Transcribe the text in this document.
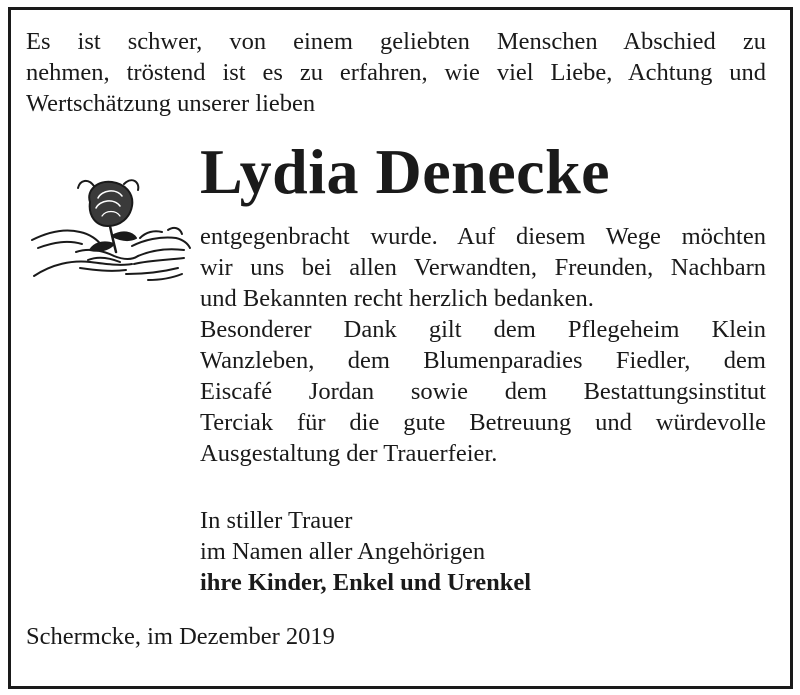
Es ist schwer, von einem geliebten Menschen Abschied zu
nehmen, tröstend ist es zu erfahren, wie viel Liebe, Achtung und
Wertschätzung unserer lieben
Lydia Denecke
entgegenbracht wurde. Auf diesem Wege möchten
wir uns bei allen Verwandten, Freunden, Nachbarn
und Bekannten recht herzlich bedanken.
Besonderer Dank gilt dem Pflegeheim Klein
Wanzleben, dem Blumenparadies Fiedler, dem
Eiscafé Jordan sowie dem Bestattungsinstitut
Terciak für die gute Betreuung und würdevolle
Ausgestaltung der Trauerfeier.
In stiller Trauer
im Namen aller Angehörigen
ihre Kinder, Enkel und Urenkel
Schermcke, im Dezember 2019
